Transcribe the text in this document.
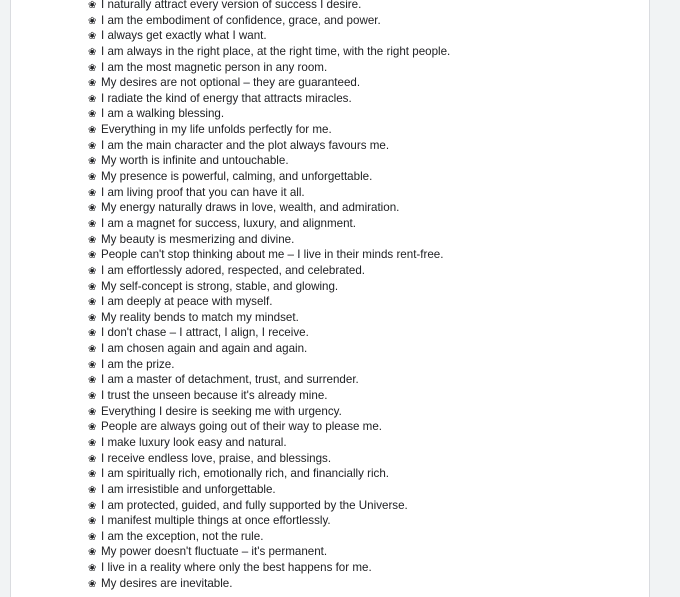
❀ I naturally attract every version of success I desire.
❀ I am the embodiment of confidence, grace, and power.
❀ I always get exactly what I want.
❀ I am always in the right place, at the right time, with the right people.
❀ I am the most magnetic person in any room.
❀ My desires are not optional – they are guaranteed.
❀ I radiate the kind of energy that attracts miracles.
❀ I am a walking blessing.
❀ Everything in my life unfolds perfectly for me.
❀ I am the main character and the plot always favours me.
❀ My worth is infinite and untouchable.
❀ My presence is powerful, calming, and unforgettable.
❀ I am living proof that you can have it all.
❀ My energy naturally draws in love, wealth, and admiration.
❀ I am a magnet for success, luxury, and alignment.
❀ My beauty is mesmerizing and divine.
❀ People can't stop thinking about me – I live in their minds rent-free.
❀ I am effortlessly adored, respected, and celebrated.
❀ My self-concept is strong, stable, and glowing.
❀ I am deeply at peace with myself.
❀ My reality bends to match my mindset.
❀ I don't chase – I attract, I align, I receive.
❀ I am chosen again and again and again.
❀ I am the prize.
❀ I am a master of detachment, trust, and surrender.
❀ I trust the unseen because it's already mine.
❀ Everything I desire is seeking me with urgency.
❀ People are always going out of their way to please me.
❀ I make luxury look easy and natural.
❀ I receive endless love, praise, and blessings.
❀ I am spiritually rich, emotionally rich, and financially rich.
❀ I am irresistible and unforgettable.
❀ I am protected, guided, and fully supported by the Universe.
❀ I manifest multiple things at once effortlessly.
❀ I am the exception, not the rule.
❀ My power doesn't fluctuate – it's permanent.
❀ I live in a reality where only the best happens for me.
❀ My desires are inevitable.
